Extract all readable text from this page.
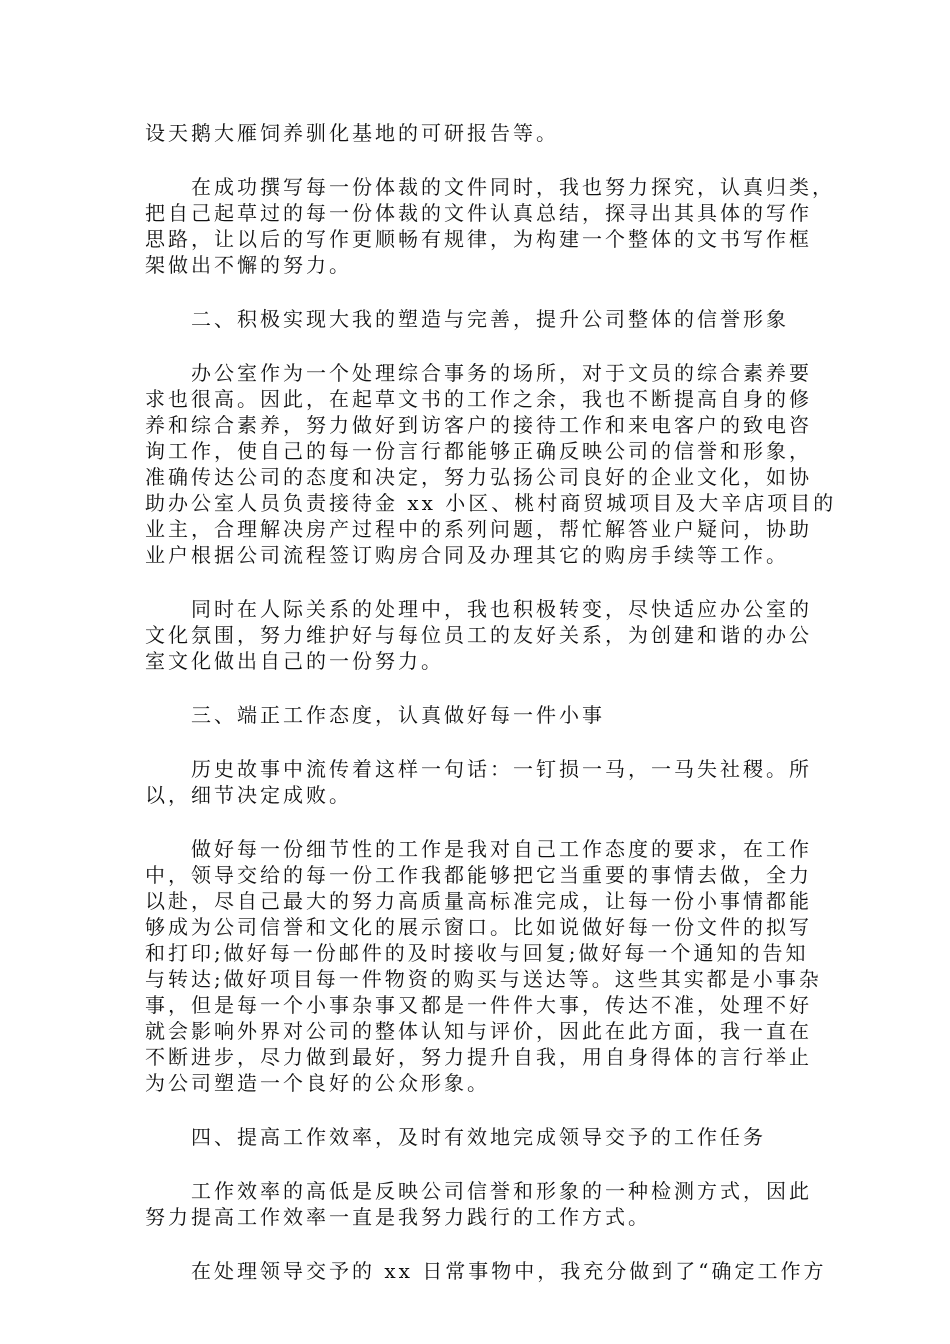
设天鹅大雁饲养驯化基地的可研报告等。

在成功撰写每一份体裁的文件同时，我也努力探究，认真归类，
把自己起草过的每一份体裁的文件认真总结，探寻出其具体的写作
思路，让以后的写作更顺畅有规律，为构建一个整体的文书写作框
架做出不懈的努力。

二、积极实现大我的塑造与完善，提升公司整体的信誉形象

办公室作为一个处理综合事务的场所，对于文员的综合素养要
求也很高。因此，在起草文书的工作之余，我也不断提高自身的修
养和综合素养，努力做好到访客户的接待工作和来电客户的致电咨
询工作，使自己的每一份言行都能够正确反映公司的信誉和形象，
准确传达公司的态度和决定，努力弘扬公司良好的企业文化，如协
助办公室人员负责接待金 xx 小区、桃村商贸城项目及大辛店项目的
业主，合理解决房产过程中的系列问题，帮忙解答业户疑问，协助
业户根据公司流程签订购房合同及办理其它的购房手续等工作。

同时在人际关系的处理中，我也积极转变，尽快适应办公室的
文化氛围，努力维护好与每位员工的友好关系，为创建和谐的办公
室文化做出自己的一份努力。

三、端正工作态度，认真做好每一件小事

历史故事中流传着这样一句话：一钉损一马，一马失社稷。所
以，细节决定成败。

做好每一份细节性的工作是我对自己工作态度的要求，在工作
中，领导交给的每一份工作我都能够把它当重要的事情去做，全力
以赴，尽自己最大的努力高质量高标准完成，让每一份小事情都能
够成为公司信誉和文化的展示窗口。比如说做好每一份文件的拟写
和打印;做好每一份邮件的及时接收与回复;做好每一个通知的告知
与转达;做好项目每一件物资的购买与送达等。这些其实都是小事杂
事，但是每一个小事杂事又都是一件件大事，传达不准，处理不好
就会影响外界对公司的整体认知与评价，因此在此方面，我一直在
不断进步，尽力做到最好，努力提升自我，用自身得体的言行举止
为公司塑造一个良好的公众形象。

四、提高工作效率，及时有效地完成领导交予的工作任务

工作效率的高低是反映公司信誉和形象的一种检测方式，因此
努力提高工作效率一直是我努力践行的工作方式。

在处理领导交予的 xx 日常事物中，我充分做到了“确定工作方
